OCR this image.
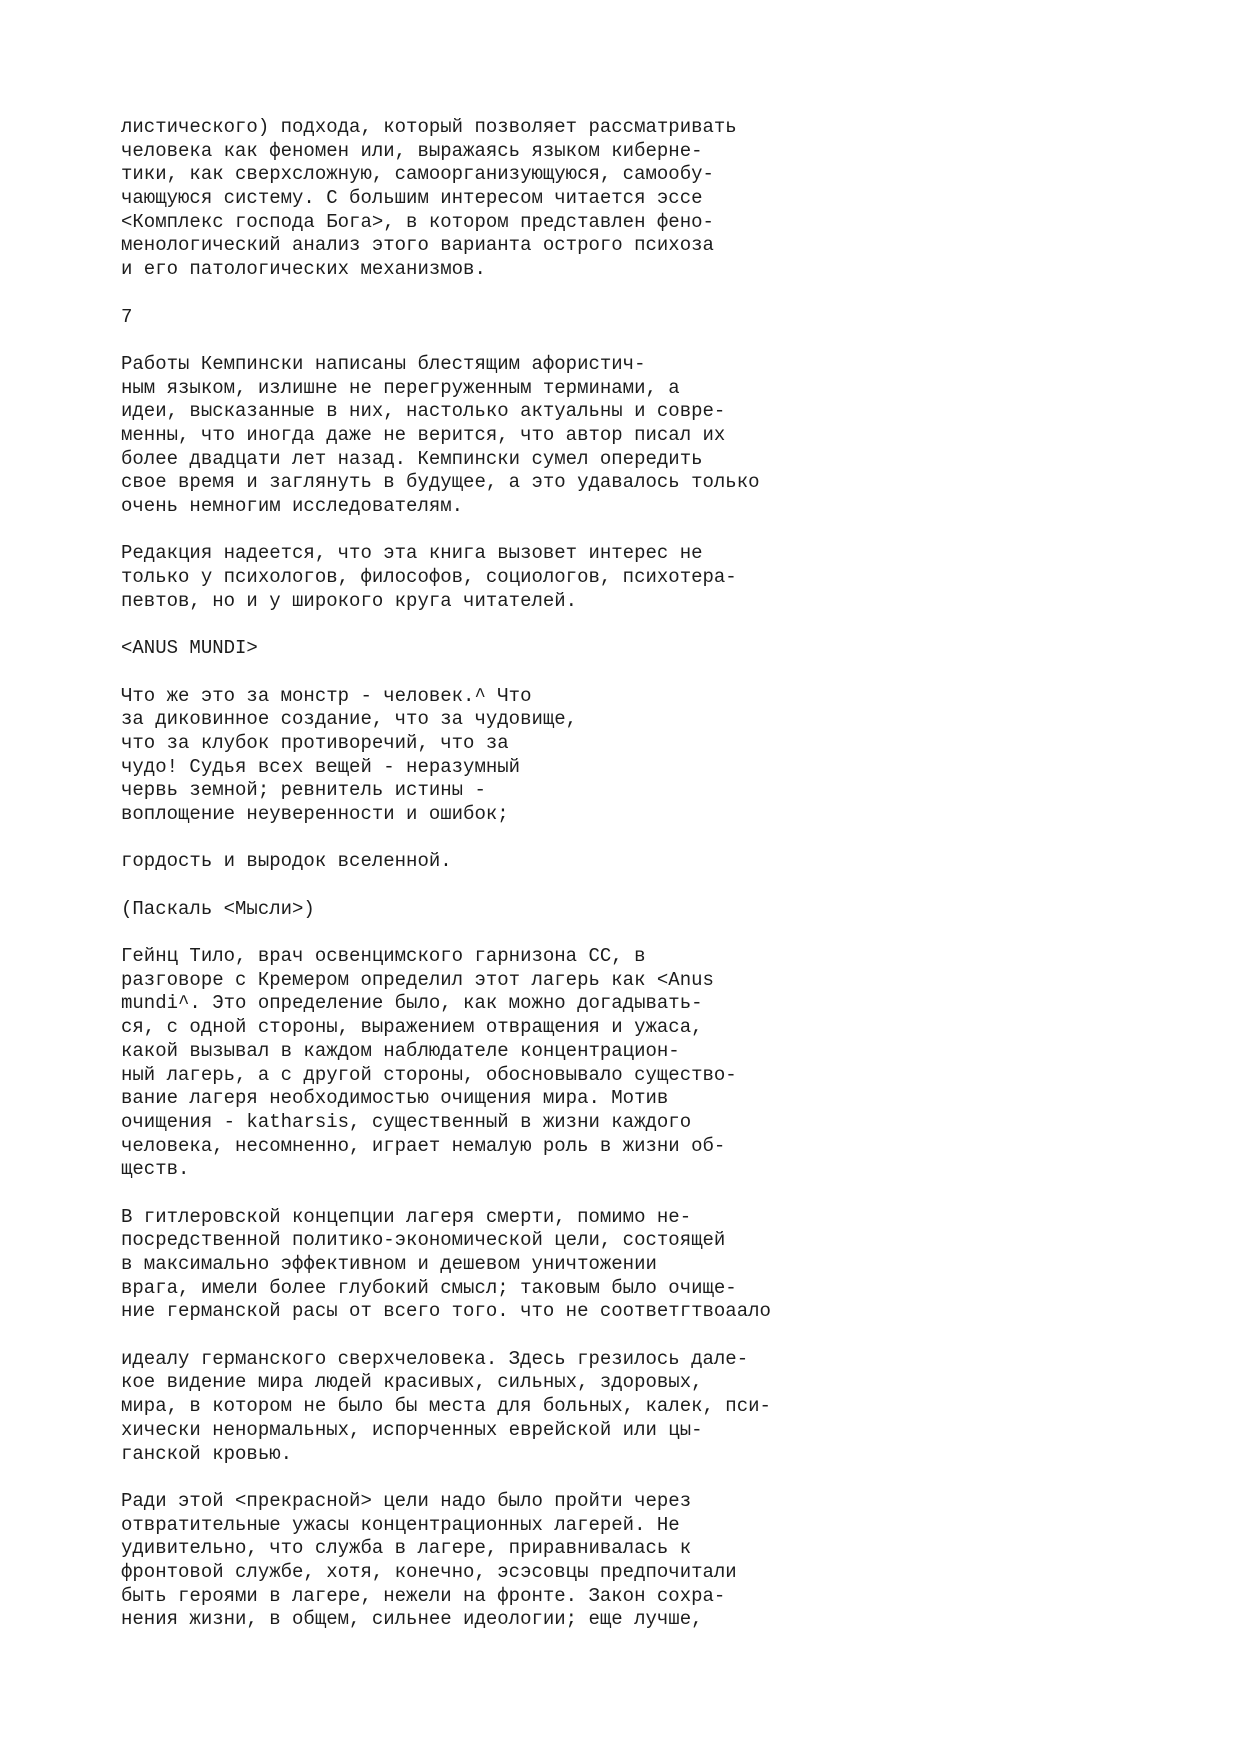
листического) подхода, который позволяет рассматривать
человека как феномен или, выражаясь языком киберне-
тики, как сверхсложную, самоорганизующуюся, самообу-
чающуюся систему. С большим интересом читается эссе
<Комплекс господа Бога>, в котором представлен фено-
менологический анализ этого варианта острого психоза
и его патологических механизмов.
7
Работы Кемпински написаны блестящим афористич-
ным языком, излишне не перегруженным терминами, а
идеи, высказанные в них, настолько актуальны и совре-
менны, что иногда даже не верится, что автор писал их
более двадцати лет назад. Кемпински сумел опередить
свое время и заглянуть в будущее, а это удавалось только
очень немногим исследователям.
Редакция надеется, что эта книга вызовет интерес не
только у психологов, философов, социологов, психотера-
певтов, но и у широкого круга читателей.
<ANUS MUNDI>
Что же это за монстр - человек.^ Что
за диковинное создание, что за чудовище,
что за клубок противоречий, что за
чудо! Судья всех вещей - неразумный
червь земной; ревнитель истины -
воплощение неуверенности и ошибок;
гордость и выродок вселенной.
(Паскаль <Мысли>)
Гейнц Тило, врач освенцимского гарнизона СС, в
разговоре с Кремером определил этот лагерь как <Anus
mundi^. Это определение было, как можно догадывать-
ся, с одной стороны, выражением отвращения и ужаса,
какой вызывал в каждом наблюдателе концентрацион-
ный лагерь, а с другой стороны, обосновывало существо-
вание лагеря необходимостью очищения мира. Мотив
очищения - katharsis, существенный в жизни каждого
человека, несомненно, играет немалую роль в жизни об-
ществ.
В гитлеровской концепции лагеря смерти, помимо не-
посредственной политико-экономической цели, состоящей
в максимально эффективном и дешевом уничтожении
врага, имели более глубокий смысл; таковым было очище-
ние германской расы от всего того. что не соответгтвоаало
идеалу германского сверхчеловека. Здесь грезилось дале-
кое видение мира людей красивых, сильных, здоровых,
мира, в котором не было бы места для больных, калек, пси-
хически ненормальных, испорченных еврейской или цы-
ганской кровью.
Ради этой <прекрасной> цели надо было пройти через
отвратительные ужасы концентрационных лагерей. Не
удивительно, что служба в лагере, приравнивалась к
фронтовой службе, хотя, конечно, эсэсовцы предпочитали
быть героями в лагере, нежели на фронте. Закон сохра-
нения жизни, в общем, сильнее идеологии; еще лучше,
